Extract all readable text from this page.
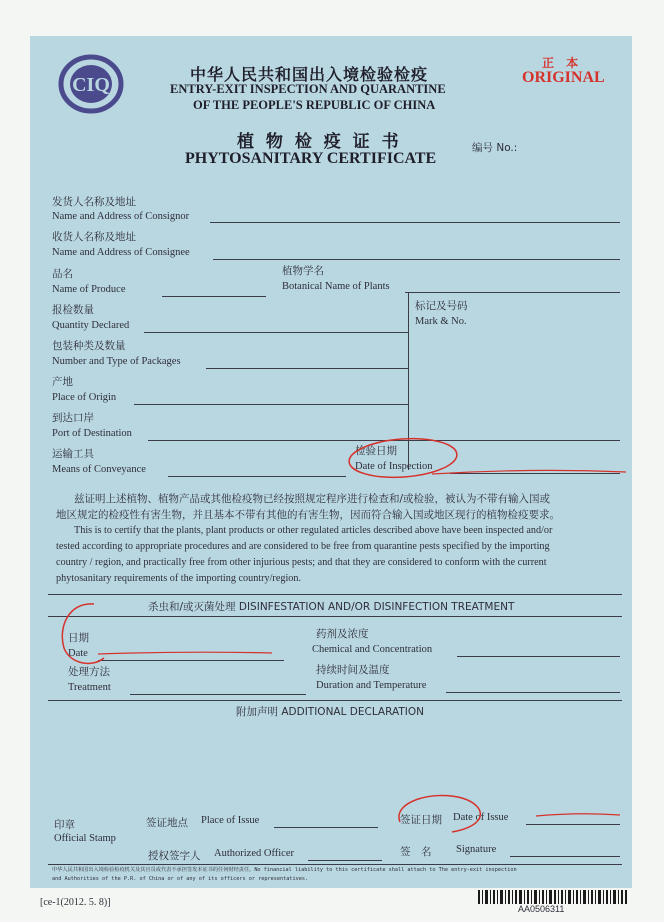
CIQ	中华人民共和国出入境检验检疫
ENTRY-EXIT INSPECTION AND QUARANTINE
OF THE PEOPLE'S REPUBLIC OF CHINA
正 本
ORIGINAL
植 物 检 疫 证 书
PHYTOSANITARY CERTIFICATE
编号 No.:
发货人名称及地址
Name and Address of Consignor
收货人名称及地址
Name and Address of Consignee
品名
Name of Produce
植物学名
Botanical Name of Plants
标记及号码
Mark & No.
报检数量
Quantity Declared
包装种类及数量
Number and Type of Packages
产地
Place of Origin
到达口岸
Port of Destination
运输工具
Means of Conveyance
检验日期
Date of Inspection
兹证明上述植物、植物产品或其他检疫物已经按照规定程序进行检查和/或检验，被认为不带有输入国或
地区规定的检疫性有害生物，并且基本不带有其他的有害生物，因而符合输入国或地区现行的植物检疫要求。
This is to certify that the plants, plant products or other regulated articles described above have been inspected and/or
tested according to appropriate procedures and are considered to be free from quarantine pests specified by the importing
country / region, and practically free from other injurious pests; and that they are considered to conform with the current
phytosanitary requirements of the importing country/region.
杀虫和/或灭菌处理 DISINFESTATION AND/OR DISINFECTION TREATMENT
日期
Date
药剂及浓度
Chemical and Concentration
处理方法
Treatment
持续时间及温度
Duration and Temperature
附加声明 ADDITIONAL DECLARATION
印章
Official Stamp
签证地点 Place of Issue	签证日期 Date of Issue
授权签字人 Authorized Officer	签　名 Signature
中华人民共和国出入境检验检疫机关及其官员或代表不承担签发本证书的任何财经责任。No financial liability to this certificate shall attach to The entry-exit inspection
and Authorities of the P.R. of China or of any of its officers or representatives.
[ce-1(2012. 5. 8)]
AA0506311
